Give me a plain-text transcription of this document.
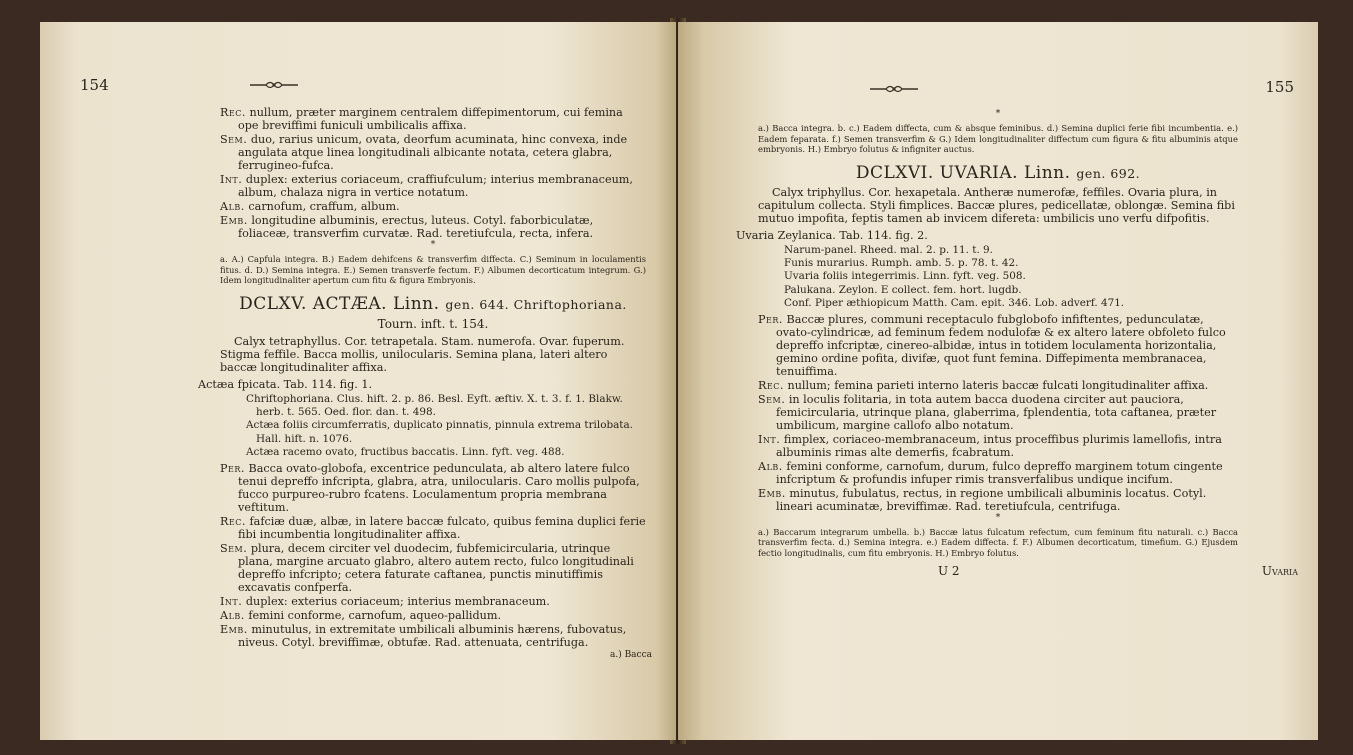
154

Rec. nullum, præter marginem centralem diffepimentorum, cui femina ope breviffimi funiculi umbilicalis affixa.

Sem. duo, rarius unicum, ovata, deorfum acuminata, hinc convexa, inde angulata atque linea longitudinali albicante notata, cetera glabra, ferrugineo-fufca.

Int. duplex: exterius coriaceum, craffiufculum; interius membranaceum, album, chalaza nigra in vertice notatum.

Alb. carnofum, craffum, album.

Emb. longitudine albuminis, erectus, luteus. Cotyl. faborbiculatæ, foliaceæ, transverfim curvatæ. Rad. teretiufcula, recta, infera.

*

a. A.) Capfula integra. B.) Eadem dehifcens & transverfim diffecta. C.) Seminum in loculamentis fitus. d. D.) Semina integra. E.) Semen transverfe fectum. F.) Albumen decorticatum integrum. G.) Idem longitudinaliter apertum cum fitu & figura Embryonis.

DCLXV. ACTÆA. Linn. gen. 644. Chriftophoriana.
Tourn. inft. t. 154.

Calyx tetraphyllus. Cor. tetrapetala. Stam. numerofa. Ovar. fuperum. Stigma feffile. Bacca mollis, unilocularis. Semina plana, lateri altero baccæ longitudinaliter affixa.

Actæa fpicata. Tab. 114. fig. 1.

Chriftophoriana. Clus. hift. 2. p. 86. Besl. Eyft. æftiv. X. t. 3. f. 1. Blakw. herb. t. 565. Oed. flor. dan. t. 498.

Actæa foliis circumferratis, duplicato pinnatis, pinnula extrema trilobata. Hall. hift. n. 1076.

Actæa racemo ovato, fructibus baccatis. Linn. fyft. veg. 488.

Per. Bacca ovato-globofa, excentrice pedunculata, ab altero latere fulco tenui depreffo infcripta, glabra, atra, unilocularis. Caro mollis pulpofa, fucco purpureo-rubro fcatens. Loculamentum propria membrana veftitum.

Rec. fafciæ duæ, albæ, in latere baccæ fulcato, quibus femina duplici ferie fibi incumbentia longitudinaliter affixa.

Sem. plura, decem circiter vel duodecim, fubfemicircularia, utrinque plana, margine arcuato glabro, altero autem recto, fulco longitudinali depreffo infcripto; cetera faturate caftanea, punctis minutiffimis excavatis confperfa.

Int. duplex: exterius coriaceum; interius membranaceum.

Alb. femini conforme, carnofum, aqueo-pallidum.

Emb. minutulus, in extremitate umbilicali albuminis hærens, fubovatus, niveus. Cotyl. breviffimæ, obtufæ. Rad. attenuata, centrifuga.

a.) Bacca
155
*

a.) Bacca integra. b. c.) Eadem diffecta, cum & absque feminibus. d.) Semina duplici ferie fibi incumbentia. e.) Eadem feparata. f.) Semen transverfim & G.) Idem longitudinaliter diffectum cum figura & fitu albuminis atque embryonis. H.) Embryo folutus & infigniter auctus.

DCLXVI. UVARIA. Linn. gen. 692.

Calyx triphyllus. Cor. hexapetala. Antheræ numerofæ, feffiles. Ovaria plura, in capitulum collecta. Styli fimplices. Baccæ plures, pedicellatæ, oblongæ. Semina fibi mutuo impofita, feptis tamen ab invicem difereta: umbilicis uno verfu difpofitis.

Uvaria Zeylanica. Tab. 114. fig. 2.

Narum-panel. Rheed. mal. 2. p. 11. t. 9.

Funis murarius. Rumph. amb. 5. p. 78. t. 42.

Uvaria foliis integerrimis. Linn. fyft. veg. 508.

Palukana. Zeylon. E collect. fem. hort. lugdb.

Conf. Piper æthiopicum Matth. Cam. epit. 346. Lob. adverf. 471.

Per. Baccæ plures, communi receptaculo fubglobofo infiftentes, pedunculatæ, ovato-cylindricæ, ad feminum fedem nodulofæ & ex altero latere obfoleto fulco depreffo infcriptæ, cinereo-albidæ, intus in totidem loculamenta horizontalia, gemino ordine pofita, divifæ, quot funt femina. Diffepimenta membranacea, tenuiffima.

Rec. nullum; femina parieti interno lateris baccæ fulcati longitudinaliter affixa.

Sem. in loculis folitaria, in tota autem bacca duodena circiter aut pauciora, femicircularia, utrinque plana, glaberrima, fplendentia, tota caftanea, præter umbilicum, margine callofo albo notatum.

Int. fimplex, coriaceo-membranaceum, intus proceffibus plurimis lamellofis, intra albuminis rimas alte demerfis, fcabratum.

Alb. femini conforme, carnofum, durum, fulco depreffo marginem totum cingente infcriptum & profundis infuper rimis transverfalibus undique incifum.

Emb. minutus, fubulatus, rectus, in regione umbilicali albuminis locatus. Cotyl. lineari acuminatæ, breviffimæ. Rad. teretiufcula, centrifuga.

*

a.) Baccarum integrarum umbella. b.) Baccæ latus fulcatum refectum, cum feminum fitu naturali. c.) Bacca transverfim fecta. d.) Semina integra. e.) Eadem diffecta. f. F.) Albumen decorticatum, timefium. G.) Ejusdem fectio longitudinalis, cum fitu embryonis. H.) Embryo folutus.

U 2	Uvaria
